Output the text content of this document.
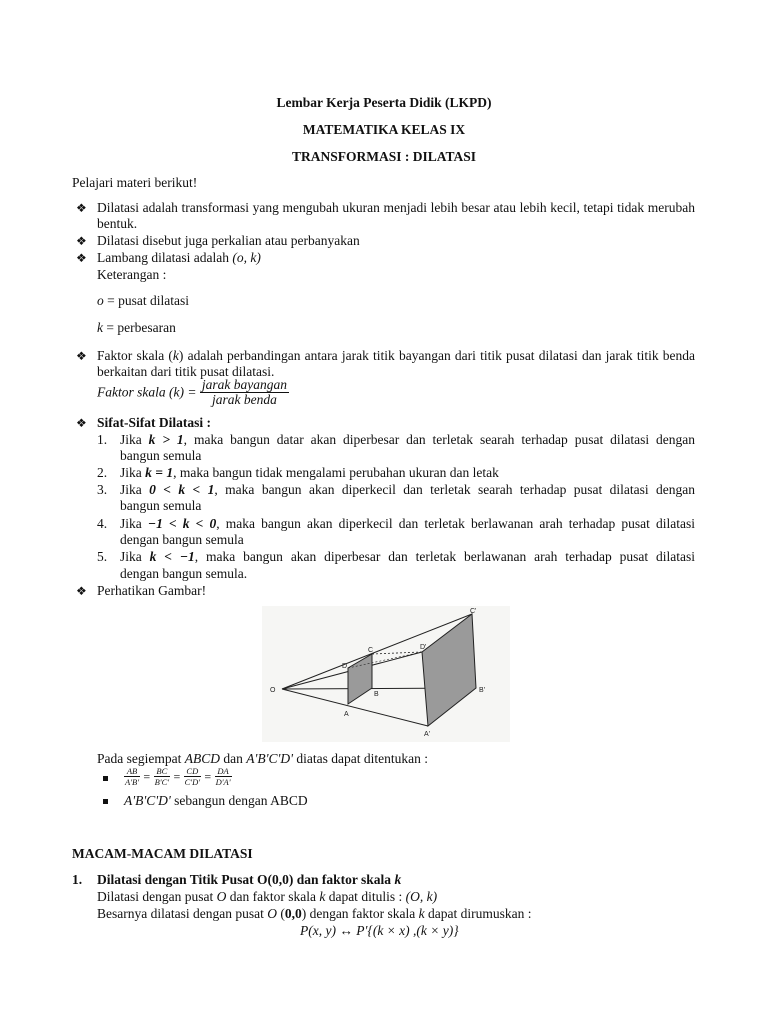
Lembar Kerja Peserta Didik (LKPD)
MATEMATIKA KELAS IX
TRANSFORMASI : DILATASI
Pelajari materi berikut!
❖ Dilatasi adalah transformasi yang mengubah ukuran menjadi lebih besar atau lebih kecil, tetapi tidak merubah bentuk.
❖ Dilatasi disebut juga perkalian atau perbanyakan
❖ Lambang dilatasi adalah (o, k)
Keterangan :
o = pusat dilatasi
k = perbesaran
❖ Faktor skala (k) adalah perbandingan antara jarak titik bayangan dari titik pusat dilatasi dan jarak titik benda berkaitan dari titik pusat dilatasi.
Faktor skala $(k) = \frac{\text{jarak bayangan}}{\text{jarak benda}}$
❖ Sifat-Sifat Dilatasi :
1. Jika k > 1, maka bangun datar akan diperbesar dan terletak searah terhadap pusat dilatasi dengan
bangun semula
2. Jika k = 1, maka bangun tidak mengalami perubahan ukuran dan letak
3. Jika 0 < k < 1, maka bangun akan diperkecil dan terletak searah terhadap pusat dilatasi dengan
bangun semula
4. Jika −1 < k < 0, maka bangun akan diperkecil dan terletak berlawanan arah terhadap pusat dilatasi
dengan bangun semula
5. Jika k < −1, maka bangun akan diperbesar dan terletak berlawanan arah terhadap pusat dilatasi
dengan bangun semula.
❖ Perhatikan Gambar!
O
A
B
C
D
A'
B'
C'
D'
Pada segiempat ABCD dan A'B'C'D' diatas dapat ditentukan :
$\frac{AB}{A'B'} = \frac{BC}{B'C'} = \frac{CD}{C'D'} = \frac{DA}{D'A'}$
A'B'C'D' sebangun dengan ABCD
MACAM-MACAM DILATASI
1. Dilatasi dengan Titik Pusat O(0,0) dan faktor skala k
Dilatasi dengan pusat O dan faktor skala k dapat ditulis : (O, k)
Besarnya dilatasi dengan pusat O (0,0) dengan faktor skala k dapat dirumuskan :
P(x, y) ↔ P′{(k × x) ,(k × y)}
